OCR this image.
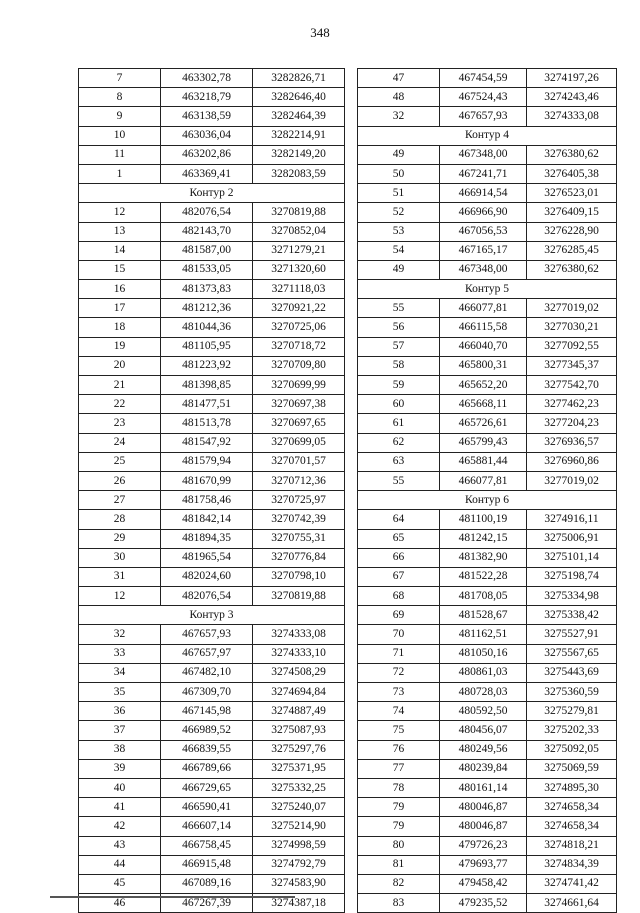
348
7	463302,78	3282826,71
8	463218,79	3282646,40
9	463138,59	3282464,39
10	463036,04	3282214,91
11	463202,86	3282149,20
1	463369,41	3282083,59
Контур 2		
12	482076,54	3270819,88
13	482143,70	3270852,04
14	481587,00	3271279,21
15	481533,05	3271320,60
16	481373,83	3271118,03
17	481212,36	3270921,22
18	481044,36	3270725,06
19	481105,95	3270718,72
20	481223,92	3270709,80
21	481398,85	3270699,99
22	481477,51	3270697,38
23	481513,78	3270697,65
24	481547,92	3270699,05
25	481579,94	3270701,57
26	481670,99	3270712,36
27	481758,46	3270725,97
28	481842,14	3270742,39
29	481894,35	3270755,31
30	481965,54	3270776,84
31	482024,60	3270798,10
12	482076,54	3270819,88
Контур 3		
32	467657,93	3274333,08
33	467657,97	3274333,10
34	467482,10	3274508,29
35	467309,70	3274694,84
36	467145,98	3274887,49
37	466989,52	3275087,93
38	466839,55	3275297,76
39	466789,66	3275371,95
40	466729,65	3275332,25
41	466590,41	3275240,07
42	466607,14	3275214,90
43	466758,45	3274998,59
44	466915,48	3274792,79
45	467089,16	3274583,90
46	467267,39	3274387,18
47	467454,59	3274197,26
48	467524,43	3274243,46
32	467657,93	3274333,08
Контур 4		
49	467348,00	3276380,62
50	467241,71	3276405,38
51	466914,54	3276523,01
52	466966,90	3276409,15
53	467056,53	3276228,90
54	467165,17	3276285,45
49	467348,00	3276380,62
Контур 5		
55	466077,81	3277019,02
56	466115,58	3277030,21
57	466040,70	3277092,55
58	465800,31	3277345,37
59	465652,20	3277542,70
60	465668,11	3277462,23
61	465726,61	3277204,23
62	465799,43	3276936,57
63	465881,44	3276960,86
55	466077,81	3277019,02
Контур 6		
64	481100,19	3274916,11
65	481242,15	3275006,91
66	481382,90	3275101,14
67	481522,28	3275198,74
68	481708,05	3275334,98
69	481528,67	3275338,42
70	481162,51	3275527,91
71	481050,16	3275567,65
72	480861,03	3275443,69
73	480728,03	3275360,59
74	480592,50	3275279,81
75	480456,07	3275202,33
76	480249,56	3275092,05
77	480239,84	3275069,59
78	480161,14	3274895,30
79	480046,87	3274658,34
79	480046,87	3274658,34
80	479726,23	3274818,21
81	479693,77	3274834,39
82	479458,42	3274741,42
83	479235,52	3274661,64
